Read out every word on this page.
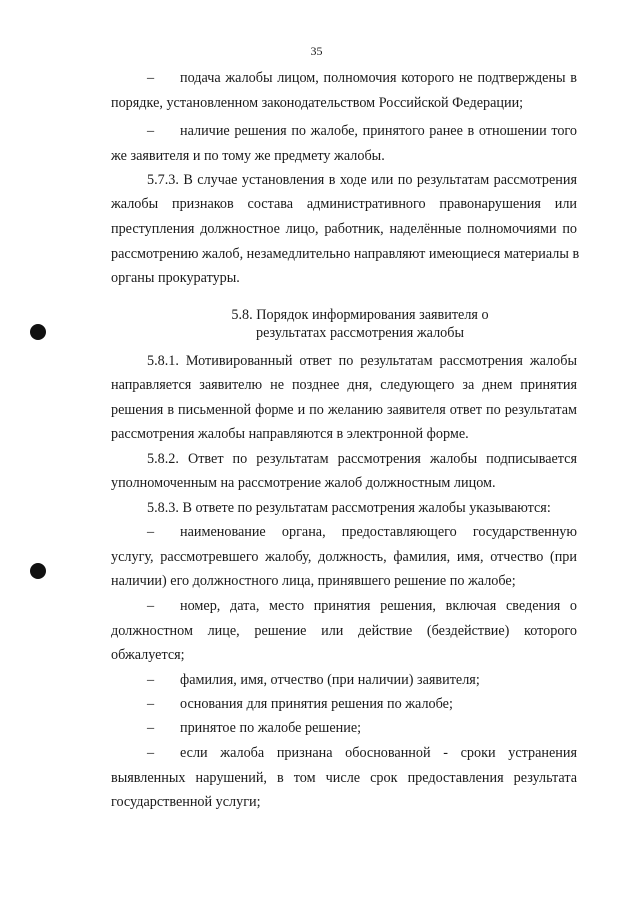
35
– подача жалобы лицом, полномочия которого не подтверждены в
порядке, установленном законодательством Российской Федерации;
– наличие решения по жалобе, принятого ранее в отношении того
же заявителя и по тому же предмету жалобы.
5.7.3. В случае установления в ходе или по результатам рассмотрения
жалобы признаков состава административного правонарушения или
преступления должностное лицо, работник, наделённые полномочиями по
рассмотрению жалоб, незамедлительно направляют имеющиеся материалы в
органы прокуратуры.
5.8. Порядок информирования заявителя о
результатах рассмотрения жалобы
5.8.1. Мотивированный ответ по результатам рассмотрения жалобы
направляется заявителю не позднее дня, следующего за днем принятия
решения в письменной форме и по желанию заявителя ответ по результатам
рассмотрения жалобы направляются в электронной форме.
5.8.2. Ответ по результатам рассмотрения жалобы подписывается
уполномоченным на рассмотрение жалоб должностным лицом.
5.8.3. В ответе по результатам рассмотрения жалобы указываются:
– наименование органа, предоставляющего государственную
услугу, рассмотревшего жалобу, должность, фамилия, имя, отчество (при
наличии) его должностного лица, принявшего решение по жалобе;
– номер, дата, место принятия решения, включая сведения о
должностном лице, решение или действие (бездействие) которого
обжалуется;
– фамилия, имя, отчество (при наличии) заявителя;
– основания для принятия решения по жалобе;
– принятое по жалобе решение;
– если жалоба признана обоснованной - сроки устранения
выявленных нарушений, в том числе срок предоставления результата
государственной услуги;
